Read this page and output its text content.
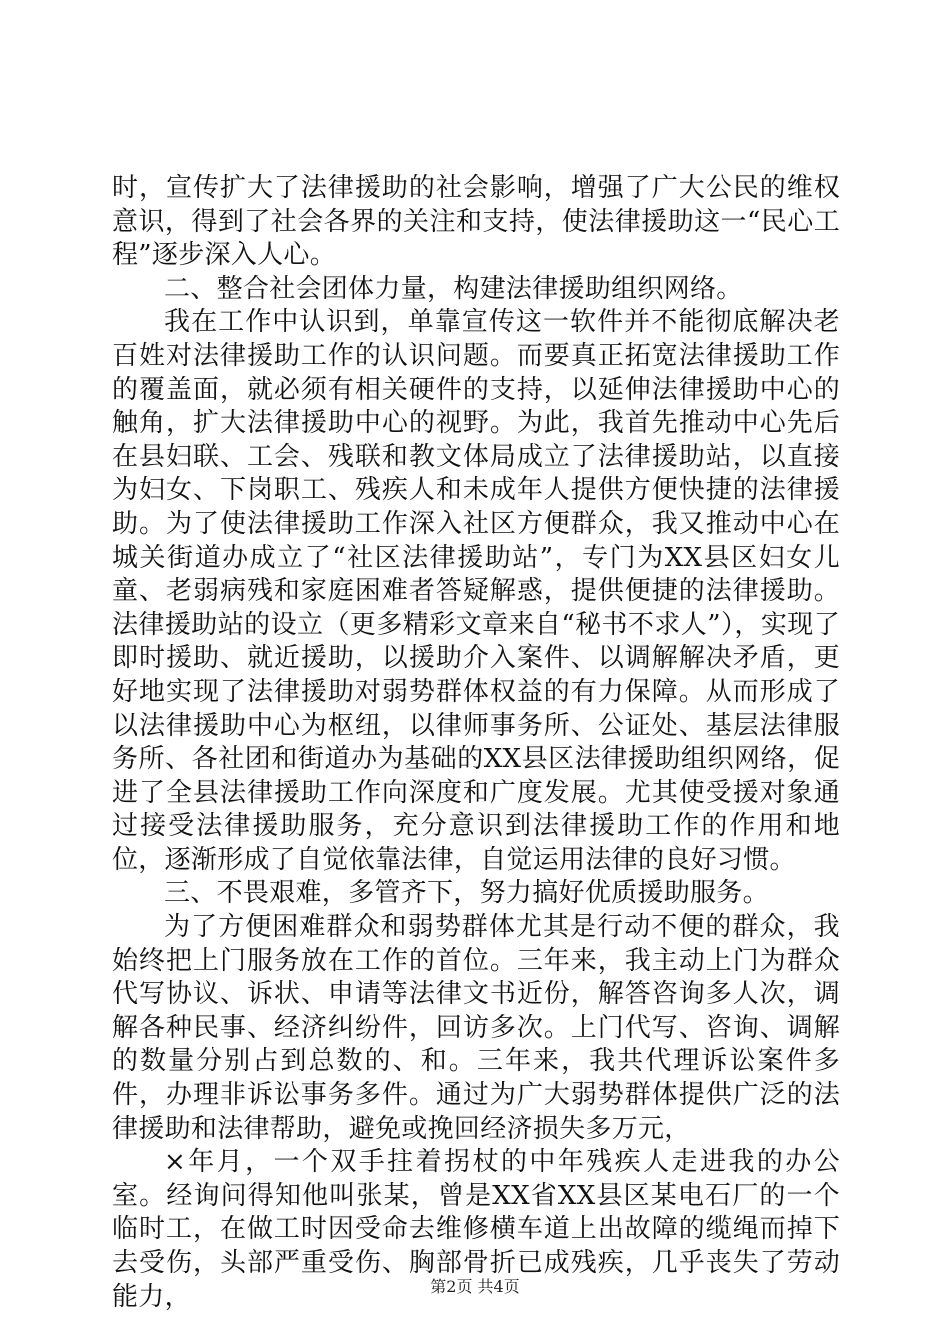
时，宣传扩大了法律援助的社会影响，增强了广大公民的维权意识，得到了社会各界的关注和支持，使法律援助这一“民心工程”逐步深入人心。

二、整合社会团体力量，构建法律援助组织网络。

我在工作中认识到，单靠宣传这一软件并不能彻底解决老百姓对法律援助工作的认识问题。而要真正拓宽法律援助工作的覆盖面，就必须有相关硬件的支持，以延伸法律援助中心的触角，扩大法律援助中心的视野。为此，我首先推动中心先后在县妇联、工会、残联和教文体局成立了法律援助站，以直接为妇女、下岗职工、残疾人和未成年人提供方便快捷的法律援助。为了使法律援助工作深入社区方便群众，我又推动中心在城关街道办成立了“社区法律援助站”，专门为XX县区妇女儿童、老弱病残和家庭困难者答疑解惑，提供便捷的法律援助。法律援助站的设立（更多精彩文章来自“秘书不求人”），实现了即时援助、就近援助，以援助介入案件、以调解解决矛盾，更好地实现了法律援助对弱势群体权益的有力保障。从而形成了以法律援助中心为枢纽，以律师事务所、公证处、基层法律服务所、各社团和街道办为基础的XX县区法律援助组织网络，促进了全县法律援助工作向深度和广度发展。尤其使受援对象通过接受法律援助服务，充分意识到法律援助工作的作用和地位，逐渐形成了自觉依靠法律，自觉运用法律的良好习惯。

三、不畏艰难，多管齐下，努力搞好优质援助服务。

为了方便困难群众和弱势群体尤其是行动不便的群众，我始终把上门服务放在工作的首位。三年来，我主动上门为群众代写协议、诉状、申请等法律文书近份，解答咨询多人次，调解各种民事、经济纠纷件，回访多次。上门代写、咨询、调解的数量分别占到总数的、和。三年来，我共代理诉讼案件多件，办理非诉讼事务多件。通过为广大弱势群体提供广泛的法律援助和法律帮助，避免或挽回经济损失多万元，

×年月，一个双手拄着拐杖的中年残疾人走进我的办公室。经询问得知他叫张某，曾是XX省XX县区某电石厂的一个临时工，在做工时因受命去维修横车道上出故障的缆绳而掉下去受伤，头部严重受伤、胸部骨折已成残疾，几乎丧失了劳动能力，	第2页 共4页
